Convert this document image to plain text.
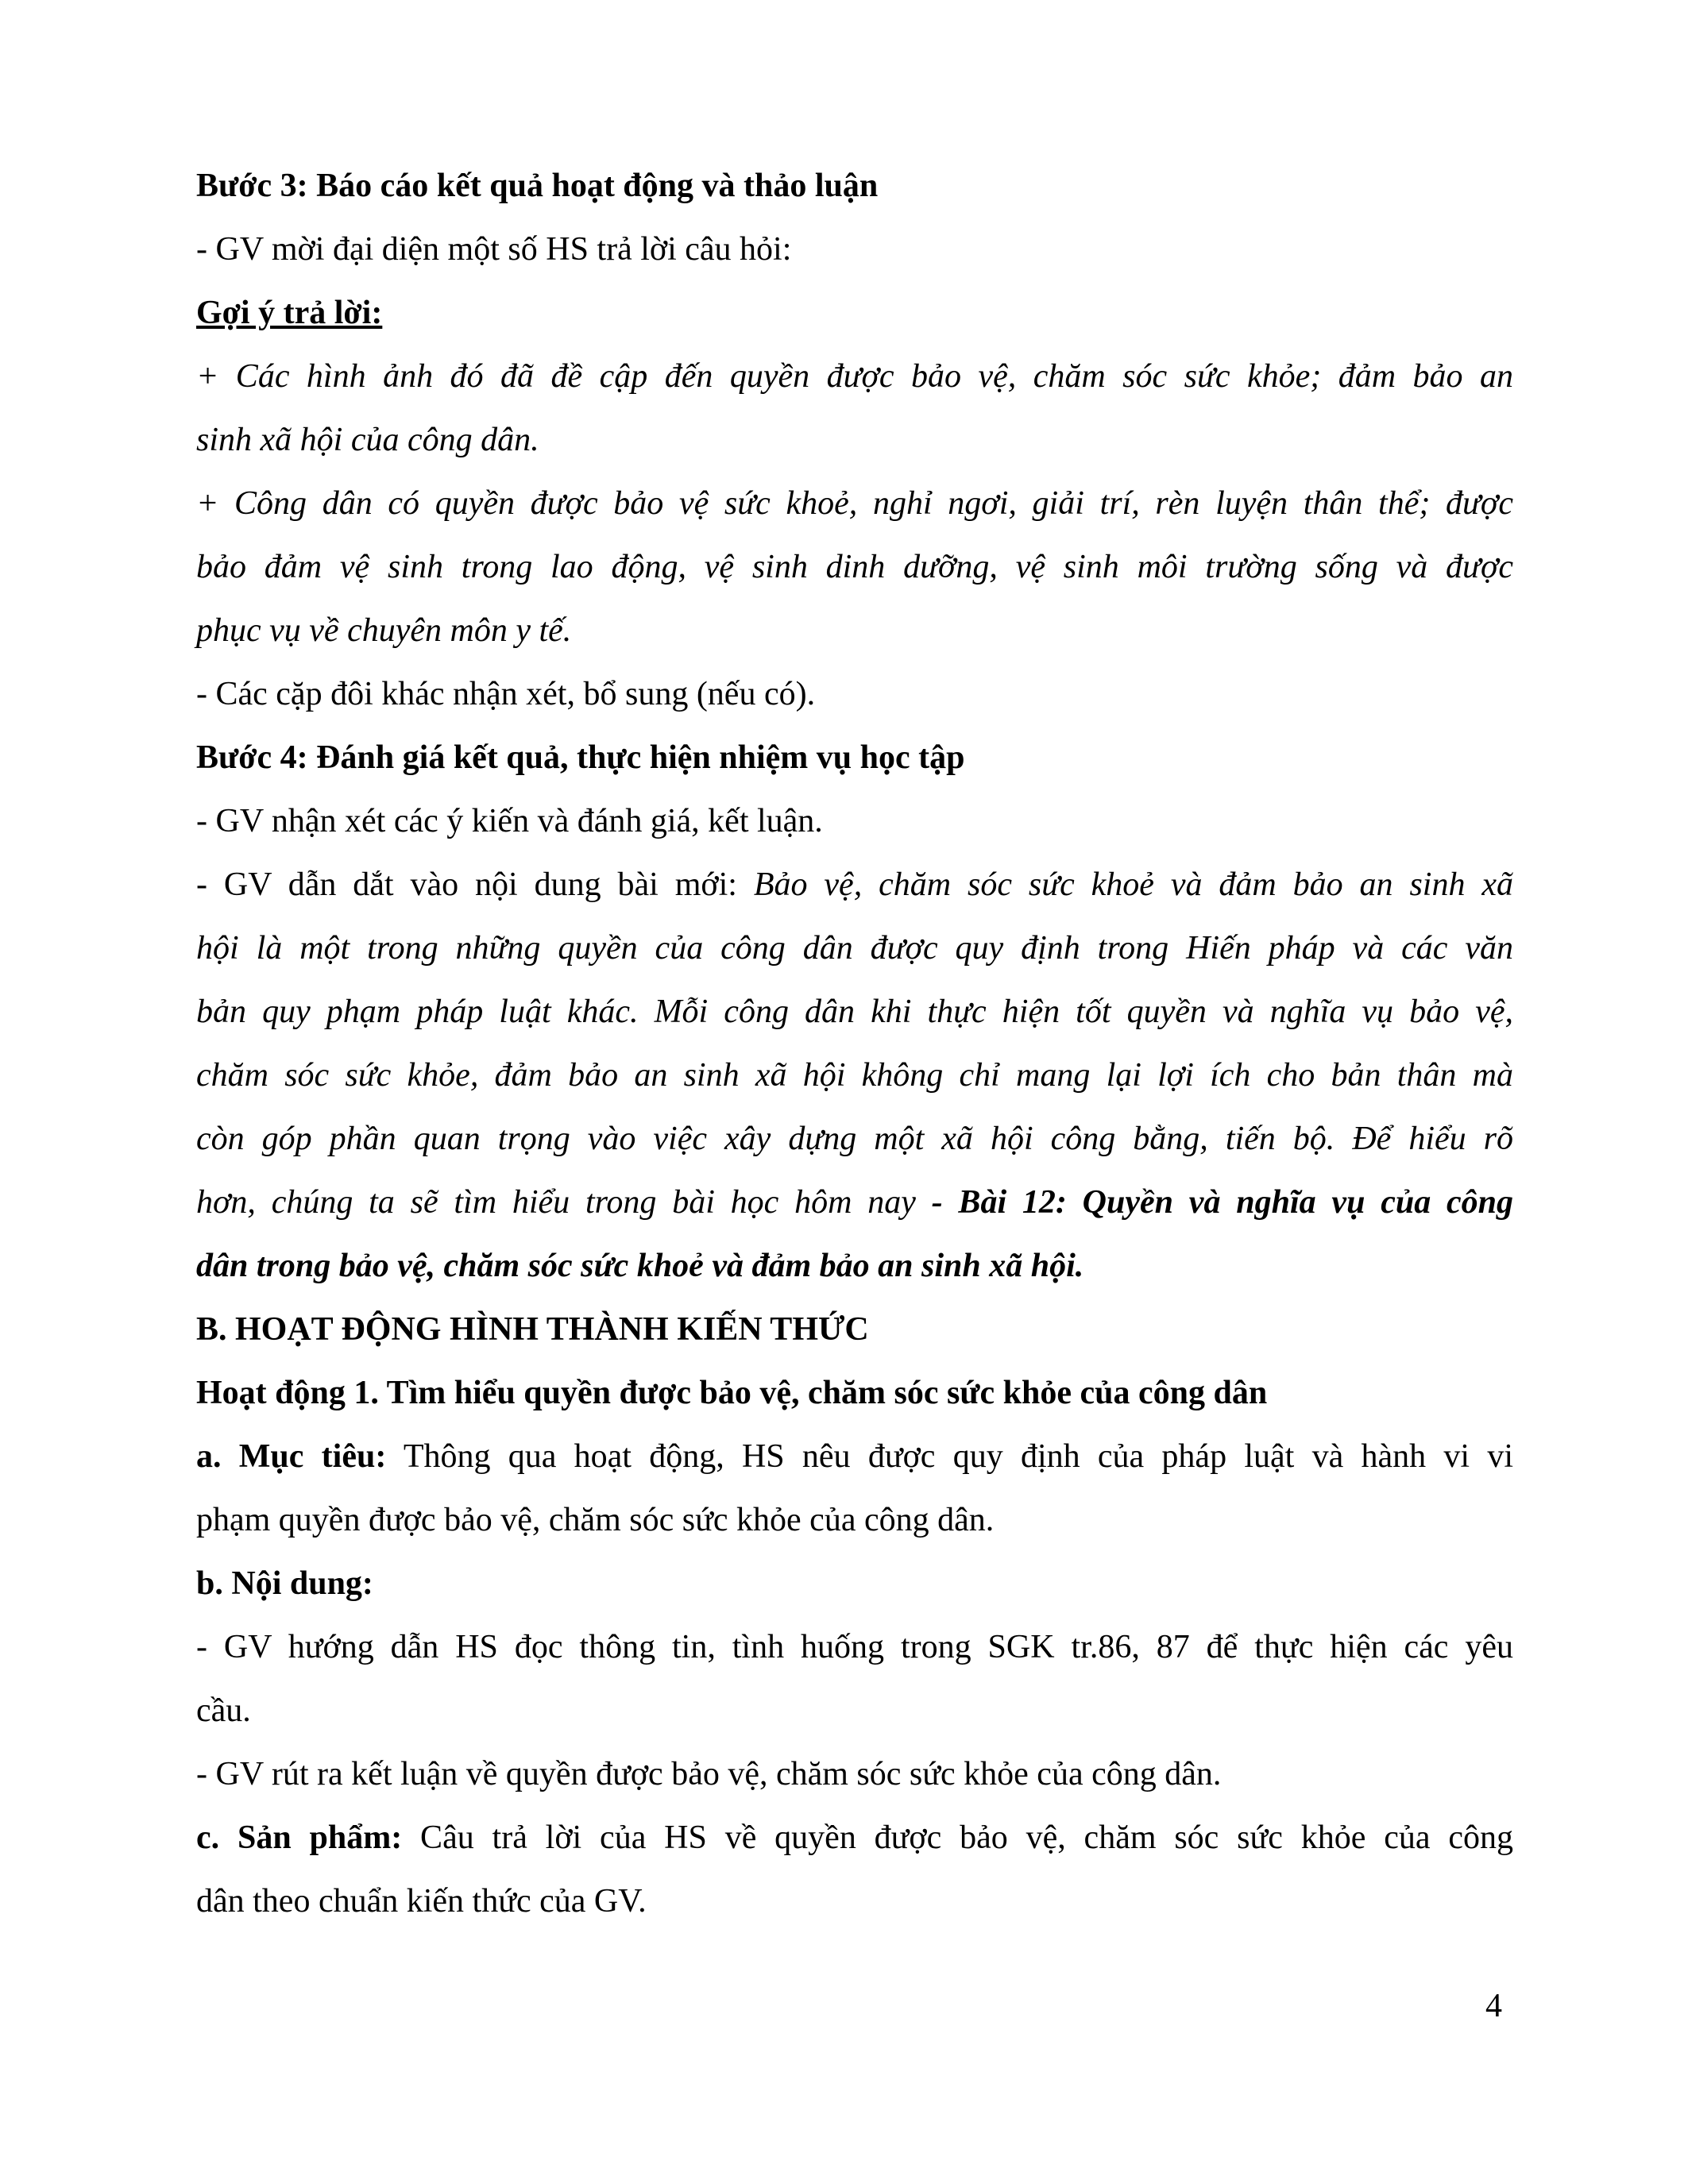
Bước 3: Báo cáo kết quả hoạt động và thảo luận
- GV mời đại diện một số HS trả lời câu hỏi:
Gợi ý trả lời:
+ Các hình ảnh đó đã đề cập đến quyền được bảo vệ, chăm sóc sức khỏe; đảm bảo an
sinh xã hội của công dân.
+ Công dân có quyền được bảo vệ sức khoẻ, nghỉ ngơi, giải trí, rèn luyện thân thể; được
bảo đảm vệ sinh trong lao động, vệ sinh dinh dưỡng, vệ sinh môi trường sống và được
phục vụ về chuyên môn y tế.
- Các cặp đôi khác nhận xét, bổ sung (nếu có).
Bước 4: Đánh giá kết quả, thực hiện nhiệm vụ học tập
- GV nhận xét các ý kiến và đánh giá, kết luận.
- GV dẫn dắt vào nội dung bài mới: Bảo vệ, chăm sóc sức khoẻ và đảm bảo an sinh xã
hội là một trong những quyền của công dân được quy định trong Hiến pháp và các văn
bản quy phạm pháp luật khác. Mỗi công dân khi thực hiện tốt quyền và nghĩa vụ bảo vệ,
chăm sóc sức khỏe, đảm bảo an sinh xã hội không chỉ mang lại lợi ích cho bản thân mà
còn góp phần quan trọng vào việc xây dựng một xã hội công bằng, tiến bộ. Để hiểu rõ
hơn, chúng ta sẽ tìm hiểu trong bài học hôm nay - Bài 12: Quyền và nghĩa vụ của công
dân trong bảo vệ, chăm sóc sức khoẻ và đảm bảo an sinh xã hội.
B. HOẠT ĐỘNG HÌNH THÀNH KIẾN THỨC
Hoạt động 1. Tìm hiểu quyền được bảo vệ, chăm sóc sức khỏe của công dân
a. Mục tiêu: Thông qua hoạt động, HS nêu được quy định của pháp luật và hành vi vi
phạm quyền được bảo vệ, chăm sóc sức khỏe của công dân.
b. Nội dung:
- GV hướng dẫn HS đọc thông tin, tình huống trong SGK tr.86, 87 để thực hiện các yêu
cầu.
- GV rút ra kết luận về quyền được bảo vệ, chăm sóc sức khỏe của công dân.
c. Sản phẩm: Câu trả lời của HS về quyền được bảo vệ, chăm sóc sức khỏe của công
dân theo chuẩn kiến thức của GV.
4
